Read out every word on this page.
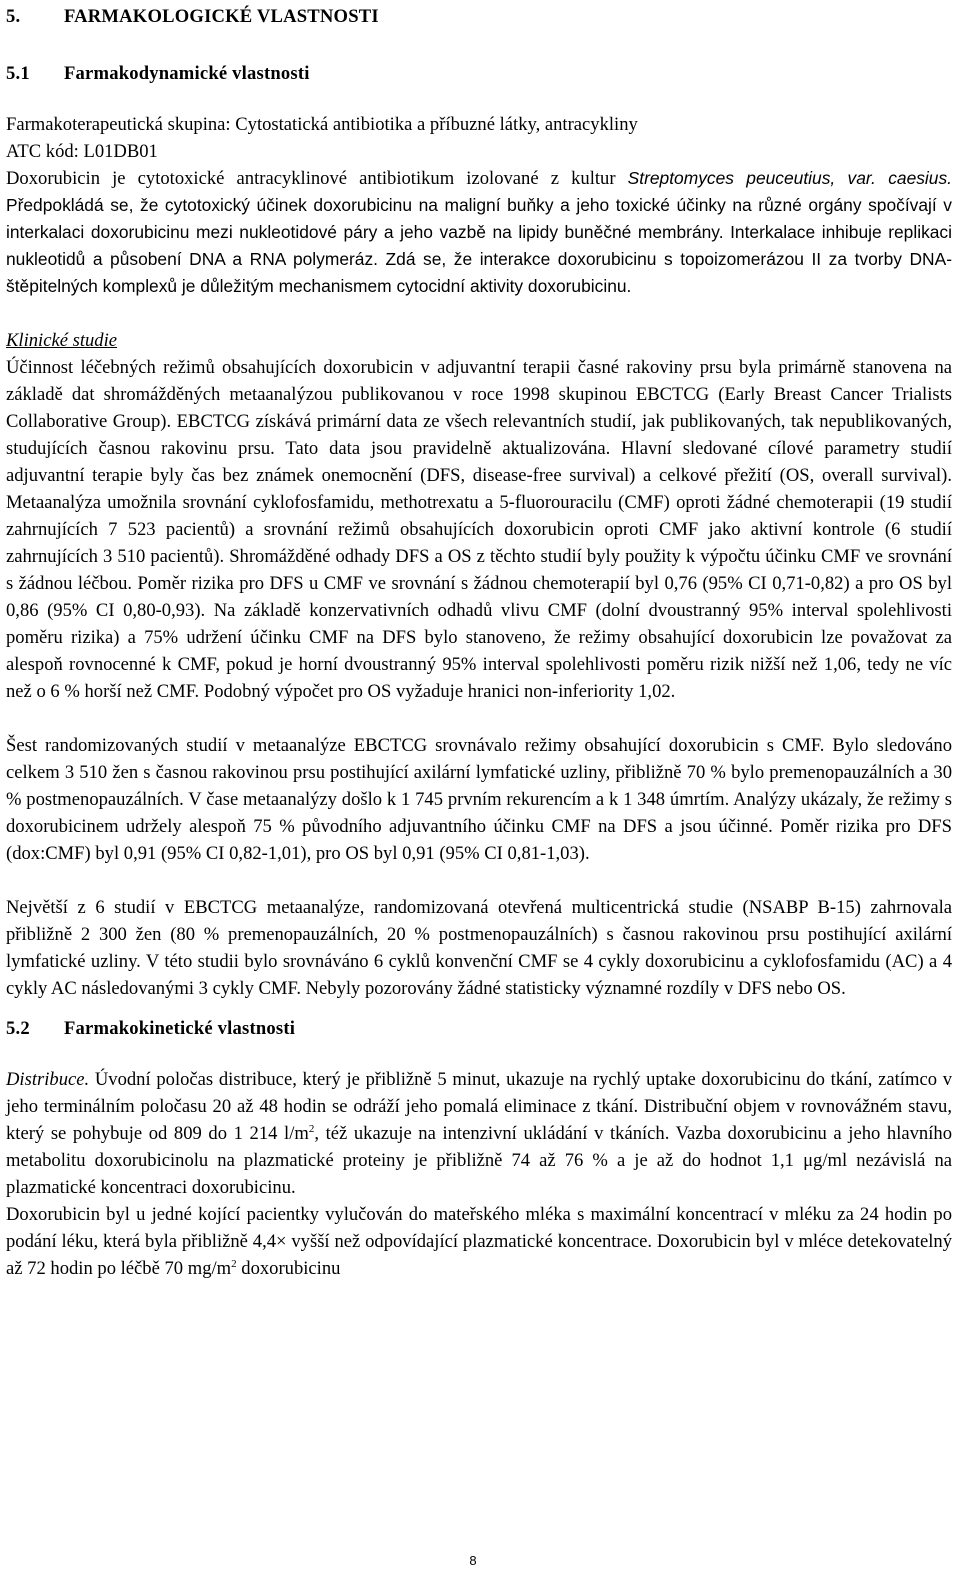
5.	FARMAKOLOGICKÉ VLASTNOSTI
5.1	Farmakodynamické vlastnosti

Farmakoterapeutická skupina: Cytostatická antibiotika a příbuzné látky, antracykliny

ATC kód: L01DB01

Doxorubicin je cytotoxické antracyklinové antibiotikum izolované z kultur Streptomyces peuceutius, var. caesius. Předpokládá se, že cytotoxický účinek doxorubicinu na maligní buňky a jeho toxické účinky na různé orgány spočívají v interkalaci doxorubicinu mezi nukleotidové páry a jeho vazbě na lipidy buněčné membrány. Interkalace inhibuje replikaci nukleotidů a působení DNA a RNA polymeráz. Zdá se, že interakce doxorubicinu s topoizomerázou II za tvorby DNA-štěpitelných komplexů je důležitým mechanismem cytocidní aktivity doxorubicinu.

Klinické studie

Účinnost léčebných režimů obsahujících doxorubicin v adjuvantní terapii časné rakoviny prsu byla primárně stanovena na základě dat shromážděných metaanalýzou publikovanou v roce 1998 skupinou EBCTCG (Early Breast Cancer Trialists Collaborative Group). EBCTCG získává primární data ze všech relevantních studií, jak publikovaných, tak nepublikovaných, studujících časnou rakovinu prsu. Tato data jsou pravidelně aktualizována. Hlavní sledované cílové parametry studií adjuvantní terapie byly čas bez známek onemocnění (DFS, disease-free survival) a celkové přežití (OS, overall survival). Metaanalýza umožnila srovnání cyklofosfamidu, methotrexatu a 5-fluorouracilu (CMF) oproti žádné chemoterapii (19 studií zahrnujících 7 523 pacientů) a srovnání režimů obsahujících doxorubicin oproti CMF jako aktivní kontrole (6 studií zahrnujících 3 510 pacientů). Shromážděné odhady DFS a OS z těchto studií byly použity k výpočtu účinku CMF ve srovnání s žádnou léčbou. Poměr rizika pro DFS u CMF ve srovnání s žádnou chemoterapií byl 0,76 (95% CI 0,71-0,82) a pro OS byl 0,86 (95% CI 0,80-0,93). Na základě konzervativních odhadů vlivu CMF (dolní dvoustranný 95% interval spolehlivosti poměru rizika) a 75% udržení účinku CMF na DFS bylo stanoveno, že režimy obsahující doxorubicin lze považovat za alespoň rovnocenné k CMF, pokud je horní dvoustranný 95% interval spolehlivosti poměru rizik nižší než 1,06, tedy ne víc než o 6 % horší než CMF. Podobný výpočet pro OS vyžaduje hranici non-inferiority 1,02.

Šest randomizovaných studií v metaanalýze EBCTCG srovnávalo režimy obsahující doxorubicin s CMF. Bylo sledováno celkem 3 510 žen s časnou rakovinou prsu postihující axilární lymfatické uzliny, přibližně 70 % bylo premenopauzálních a 30 % postmenopauzálních. V čase metaanalýzy došlo k 1 745 prvním rekurencím a k 1 348 úmrtím. Analýzy ukázaly, že režimy s doxorubicinem udržely alespoň 75 % původního adjuvantního účinku CMF na DFS a jsou účinné. Poměr rizika pro DFS (dox:CMF) byl 0,91 (95% CI 0,82-1,01), pro OS byl 0,91 (95% CI 0,81-1,03).

Největší z 6 studií v EBCTCG metaanalýze, randomizovaná otevřená multicentrická studie (NSABP B-15) zahrnovala přibližně 2 300 žen (80 % premenopauzálních, 20 % postmenopauzálních) s časnou rakovinou prsu postihující axilární lymfatické uzliny. V této studii bylo srovnáváno 6 cyklů konvenční CMF se 4 cykly doxorubicinu a cyklofosfamidu (AC) a 4 cykly AC následovanými 3 cykly CMF. Nebyly pozorovány žádné statisticky významné rozdíly v DFS nebo OS.

5.2	Farmakokinetické vlastnosti

Distribuce. Úvodní poločas distribuce, který je přibližně 5 minut, ukazuje na rychlý uptake doxorubicinu do tkání, zatímco v jeho terminálním poločasu 20 až 48 hodin se odráží jeho pomalá eliminace z tkání. Distribuční objem v rovnovážném stavu, který se pohybuje od 809 do 1 214 $l/m^2$, též ukazuje na intenzivní ukládání v tkáních. Vazba doxorubicinu a jeho hlavního metabolitu doxorubicinolu na plazmatické proteiny je přibližně 74 až 76 % a je až do hodnot 1,1 μg/ml nezávislá na plazmatické koncentraci doxorubicinu.

Doxorubicin byl u jedné kojící pacientky vylučován do mateřského mléka s maximální koncentrací v mléku za 24 hodin po podání léku, která byla přibližně 4,4× vyšší než odpovídající plazmatické koncentrace. Doxorubicin byl v mléce detekovatelný až 72 hodin po léčbě 70 $mg/m^2$ doxorubicinu

8
